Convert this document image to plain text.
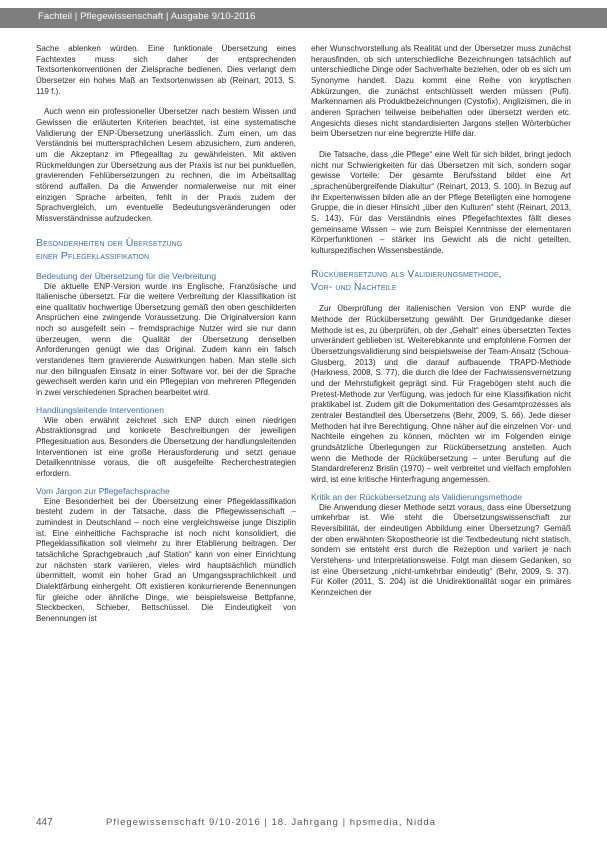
Fachteil | Pflegewissenschaft | Ausgabe 9/10-2016

Sache ablenken würden. Eine funktionale Übersetzung eines Fachtextes muss sich daher der entsprechenden Textsortenkonventionen der Zielsprache bedienen. Dies verlangt dem Übersetzer ein hohes Maß an Textsortenwissen ab (Reinart, 2013, S. 119 f.).

Auch wenn ein professioneller Übersetzer nach bestem Wissen und Gewissen die erläuterten Kriterien beachtet, ist eine systematische Validierung der ENP-Übersetzung unerlässlich. Zum einen, um das Verständnis bei muttersprachlichen Lesern abzusichern, zum anderen, um die Akzeptanz im Pflegealltag zu gewährleisten. Mit aktiven Rückmeldungen zur Übersetzung aus der Praxis ist nur bei punktuellen, gravierenden Fehlübersetzungen zu rechnen, die im Arbeitsalltag störend auffallen. Da die Anwender normalerweise nur mit einer einzigen Sprache arbeiten, fehlt in der Praxis zudem der Sprachvergleich, um eventuelle Bedeutungsveränderungen oder Missverständnisse aufzudecken.

Besonderheiten der Übersetzung
einer Pflegeklassifikation
Bedeutung der Übersetzung für die Verbreitung

Die aktuelle ENP-Version wurde ins Englische, Französische und Italienische übersetzt. Für die weitere Verbreitung der Klassifikation ist eine qualitativ hochwertige Übersetzung gemäß den oben geschilderten Ansprüchen eine zwingende Voraussetzung. Die Originalversion kann noch so ausgefeilt sein – fremdsprachige Nutzer wird sie nur dann überzeugen, wenn die Qualität der Übersetzung denselben Anforderungen genügt wie das Original. Zudem kann ein falsch verstandenes Item gravierende Auswirkungen haben. Man stelle sich nur den bilingualen Einsatz in einer Software vor, bei der die Sprache gewechselt werden kann und ein Pflegeplan von mehreren Pflegenden in zwei verschiedenen Sprachen bearbeitet wird.

Handlungsleitende Interventionen

Wie oben erwähnt zeichnet sich ENP durch einen niedrigen Abstraktionsgrad und konkrete Beschreibungen der jeweiligen Pflegesituation aus. Besonders die Übersetzung der handlungsleitenden Interventionen ist eine große Herausforderung und setzt genaue Detailkenntnisse voraus, die oft ausgefeilte Recherchestrategien erfordern.

Vom Jargon zur Pflegefachsprache

Eine Besonderheit bei der Übersetzung einer Pflegeklassifikation besteht zudem in der Tatsache, dass die Pflegewissenschaft – zumindest in Deutschland – noch eine vergleichsweise junge Disziplin ist. Eine einheitliche Fachsprache ist noch nicht konsolidiert, die Pflegeklassifikation soll vielmehr zu ihrer Etablierung beitragen. Der tatsächliche Sprachgebrauch „auf Station“ kann von einer Einrichtung zur nächsten stark variieren, vieles wird hauptsächlich mündlich übermittelt, womit ein hoher Grad an Umgangssprachlichkeit und Dialektfärbung einhergeht. Oft existieren konkurrierende Benennungen für gleiche oder ähnliche Dinge, wie beispielsweise Bettpfanne, Steckbecken, Schieber, Bettschüssel. Die Eindeutigkeit von Benennungen ist

eher Wunschvorstellung als Realität und der Übersetzer muss zunächst herausfinden, ob sich unterschiedliche Bezeichnungen tatsächlich auf unterschiedliche Dinge oder Sachverhalte beziehen, oder ob es sich um Synonyme handelt. Dazu kommt eine Reihe von kryptischen Abkürzungen, die zunächst entschlüsselt werden müssen (Pufi). Markennamen als Produktbezeichnungen (Cystofix), Anglizismen, die in anderen Sprachen teilweise beibehalten oder übersetzt werden etc. Angesichts dieses nicht standardisierten Jargons stellen Wörterbücher beim Übersetzen nur eine begrenzte Hilfe dar.

Die Tatsache, dass „die Pflege“ eine Welt für sich bildet, bringt jedoch nicht nur Schwierigkeiten für das Übersetzen mit sich, sondern sogar gewisse Vorteile: Der gesamte Berufsstand bildet eine Art „sprachenübergreifende Diakultur“ (Reinart, 2013, S. 100). In Bezug auf ihr Expertenwissen bilden alle an der Pflege Beteiligten eine homogene Gruppe, die in dieser Hinsicht „über den Kulturen“ steht (Reinart, 2013, S. 143). Für das Verständnis eines Pflegefachtextes fällt dieses gemeinsame Wissen – wie zum Beispiel Kenntnisse der elementaren Körperfunktionen – stärker ins Gewicht als die nicht geteilten, kulturspezifischen Wissensbestände.

Rückübersetzung als Validierungsmethode,
Vor- und Nachteile

Zur Überprüfung der italienischen Version von ENP wurde die Methode der Rückübersetzung gewählt. Der Grundgedanke dieser Methode ist es, zu überprüfen, ob der „Gehalt“ eines übersetzten Textes unverändert geblieben ist. Weiterebkannte und empfohlene Formen der Übersetzungsvalidierung sind beispielsweise der Team-Ansatz (Schoua-Glusberg, 2013) und die darauf aufbauende TRAPD-Methode (Harkness, 2008, S. 77), die durch die Idee der Fachwissensvernetzung und der Mehrstufigkeit geprägt sind. Für Fragebögen steht auch die Pretest-Methode zur Verfügung, was jedoch für eine Klassifikation nicht praktikabel ist. Zudem gilt die Dokumentation des Gesamtprozesses als zentraler Bestandteil des Übersetzens (Behr, 2009, S. 66). Jede dieser Methoden hat ihre Berechtigung. Ohne näher auf die einzelnen Vor- und Nachteile eingehen zu können, möchten wir im Folgenden einige grundsätzliche Überlegungen zur Rückübersetzung anstellen. Auch wenn die Methode der Rückübersetzung – unter Berufung auf die Standardreferenz Brislin (1970) – weit verbreitet und vielfach empfohlen wird, ist eine kritische Hinterfragung angemessen.

Kritik an der Rückübersetzung als Validierungsmethode

Die Anwendung dieser Methode setzt voraus, dass eine Übersetzung umkehrbar ist. Wie steht die Übersetzungswissenschaft zur Reversibilität, der eindeutigen Abbildung einer Übersetzung? Gemäß der oben erwähnten Skopostheorie ist die Textbedeutung nicht statisch, sondern sie entsteht erst durch die Rezeption und variiert je nach Verstehens- und Interpretationsweise. Folgt man diesem Gedanken, so ist eine Übersetzung „nicht-umkehrbar eindeutig“ (Behr, 2009, S. 37). Für Koller (2011, S. 204) ist die Unidirektionalität sogar ein primäres Kennzeichen der

447	Pflegewissenschaft 9/10-2016 | 18. Jahrgang | hpsmedia, Nidda
